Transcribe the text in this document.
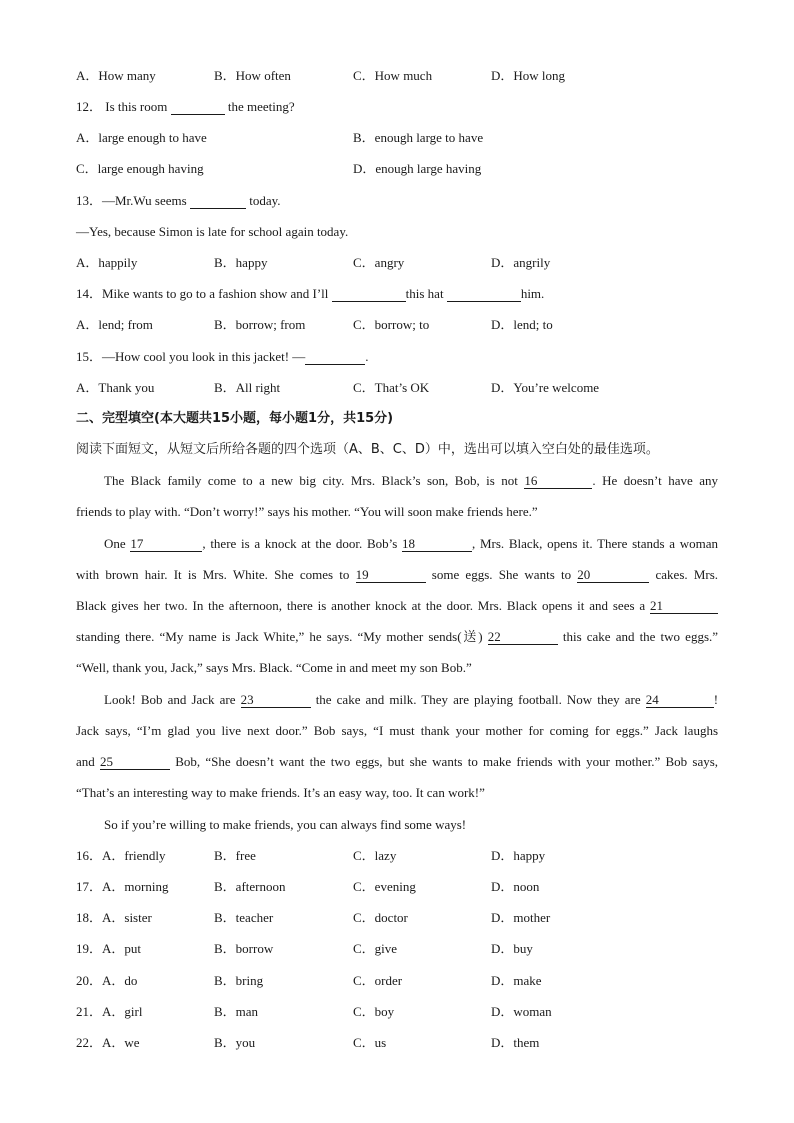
A．How many	B．How often	C．How much	D．How long
12． Is this room	the meeting?
A．large enough to have	B．enough large to have
C．large enough having	D．enough large having
13．—Mr.Wu seems	today.
—Yes, because Simon is late for school again today.
A．happily	B．happy	C．angry	D．angrily
14．Mike wants to go to a fashion show and I’ll	this hat	him.
A．lend; from	B．borrow; from	C．borrow; to	D．lend; to
15．—How cool you look in this jacket! —	.
A．Thank you	B．All right	C．That’s OK	D．You’re welcome
二、完型填空(本大题共15小题，每小题1分，共15分)
阅读下面短文，从短文后所给各题的四个选项（A、B、C、D）中，选出可以填入空白处的最佳选项。
The Black family come to a new big city. Mrs. Black’s son, Bob, is not 16	. He doesn’t have any
friends to play with. “Don’t worry!” says his mother. “You will soon make friends here.”
One 17	, there is a knock at the door. Bob’s 18	, Mrs. Black, opens it. There stands a woman
with brown hair. It is Mrs. White. She comes to 19	some eggs. She wants to 20	cakes. Mrs.
Black gives her two. In the afternoon, there is another knock at the door. Mrs. Black opens it and sees a 21
standing there. “My name is Jack White,” he says. “My mother sends(送) 22	this cake and the two eggs.”
“Well, thank you, Jack,” says Mrs. Black. “Come in and meet my son Bob.”
Look! Bob and Jack are 23	the cake and milk. They are playing football. Now they are 24	!
Jack says, “I’m glad you live next door.” Bob says, “I must thank your mother for coming for eggs.” Jack laughs
and 25	Bob, “She doesn’t want the two eggs, but she wants to make friends with your mother.” Bob says,
“That’s an interesting way to make friends. It’s an easy way, too. It can work!”
So if you’re willing to make friends, you can always find some ways!
16．A．friendly	B．free	C．lazy	D．happy
17．A．morning	B．afternoon	C．evening	D．noon
18．A．sister	B．teacher	C．doctor	D．mother
19．A．put	B．borrow	C．give	D．buy
20．A．do	B．bring	C．order	D．make
21．A．girl	B．man	C．boy	D．woman
22．A．we	B．you	C．us	D．them
